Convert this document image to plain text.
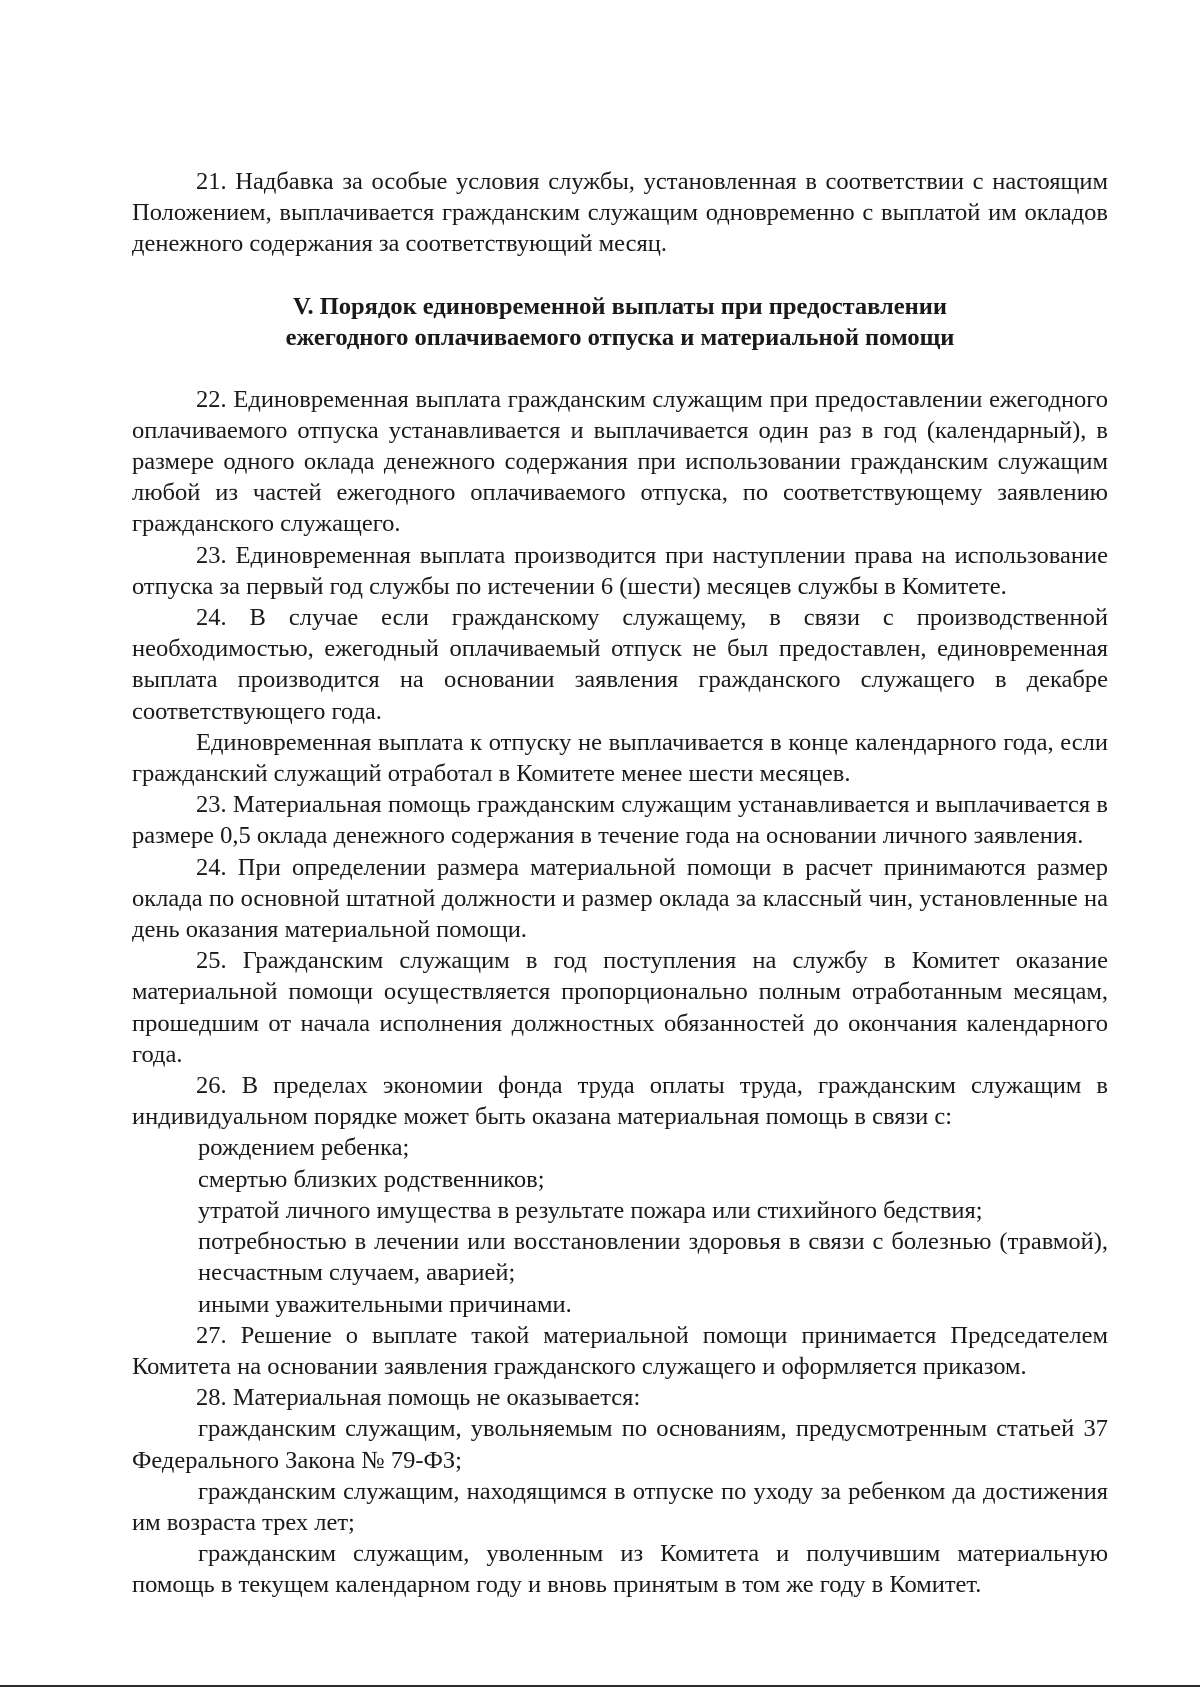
21. Надбавка за особые условия службы, установленная в соответствии с настоящим Положением, выплачивается гражданским служащим одновременно с выплатой им окладов денежного содержания за соответствующий месяц.

V. Порядок единовременной выплаты при предоставлении
ежегодного оплачиваемого отпуска и материальной помощи

22. Единовременная выплата гражданским служащим при предоставлении ежегодного оплачиваемого отпуска устанавливается и выплачивается один раз в год (календарный), в размере одного оклада денежного содержания при использовании гражданским служащим любой из частей ежегодного оплачиваемого отпуска, по соответствующему заявлению гражданского служащего.

23. Единовременная выплата производится при наступлении права на использование отпуска за первый год службы по истечении 6 (шести) месяцев службы в Комитете.

24. В случае если гражданскому служащему, в связи с производственной необходимостью, ежегодный оплачиваемый отпуск не был предоставлен, единовременная выплата производится на основании заявления гражданского служащего в декабре соответствующего года.

Единовременная выплата к отпуску не выплачивается в конце календарного года, если гражданский служащий отработал в Комитете менее шести месяцев.

23. Материальная помощь гражданским служащим устанавливается и выплачивается в размере 0,5 оклада денежного содержания в течение года на основании личного заявления.

24. При определении размера материальной помощи в расчет принимаются размер оклада по основной штатной должности и размер оклада за классный чин, установленные на день оказания материальной помощи.

25. Гражданским служащим в год поступления на службу в Комитет оказание материальной помощи осуществляется пропорционально полным отработанным месяцам, прошедшим от начала исполнения должностных обязанностей до окончания календарного года.

26. В пределах экономии фонда труда оплаты труда, гражданским служащим в индивидуальном порядке может быть оказана материальная помощь в связи с:

рождением ребенка;

смертью близких родственников;

утратой личного имущества в результате пожара или стихийного бедствия;

потребностью в лечении или восстановлении здоровья в связи с болезнью (травмой), несчастным случаем, аварией;

иными уважительными причинами.

27. Решение о выплате такой материальной помощи принимается Председателем Комитета на основании заявления гражданского служащего и оформляется приказом.

28. Материальная помощь не оказывается:

гражданским служащим, увольняемым по основаниям, предусмотренным статьей 37 Федерального Закона № 79-ФЗ;

гражданским служащим, находящимся в отпуске по уходу за ребенком да достижения им возраста трех лет;

гражданским служащим, уволенным из Комитета и получившим материальную помощь в текущем календарном году и вновь принятым в том же году в Комитет.
